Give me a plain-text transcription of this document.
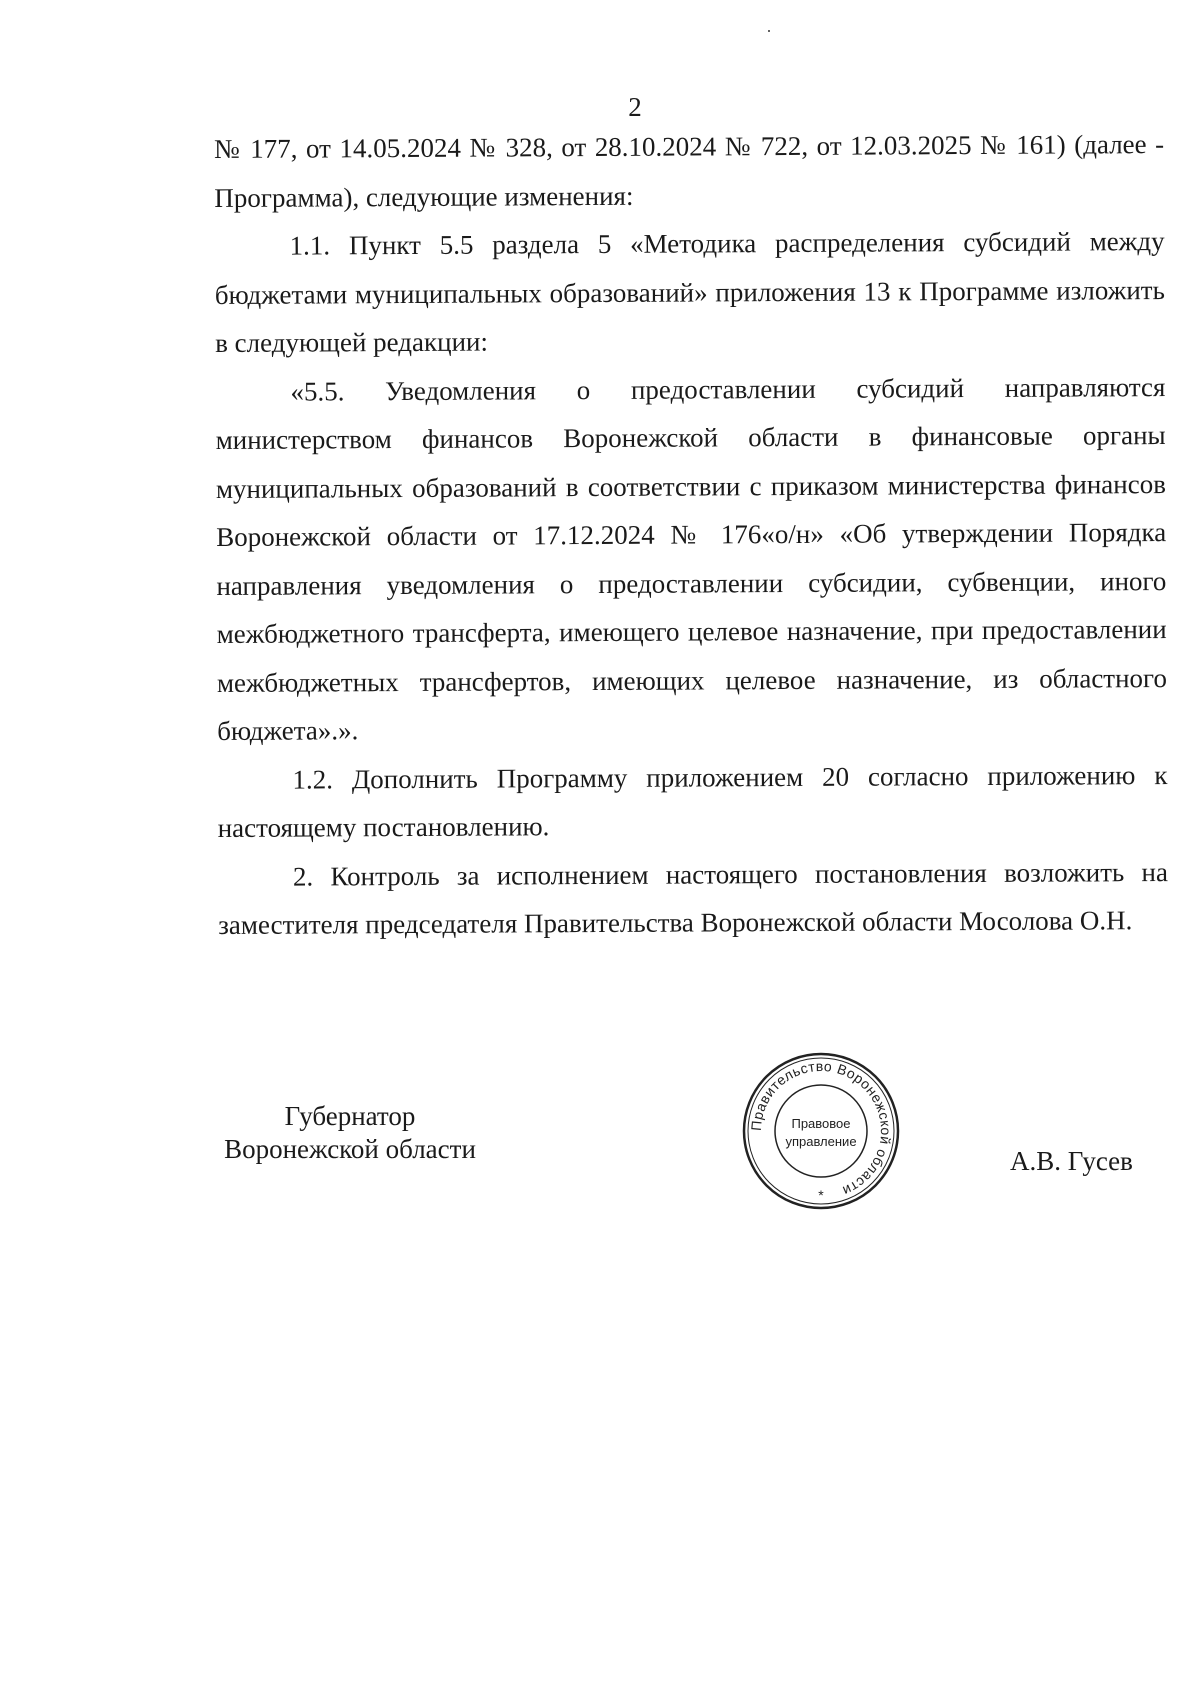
2

№ 177, от 14.05.2024 № 328, от 28.10.2024 № 722, от 12.03.2025 № 161) (далее - Программа), следующие изменения:

1.1. Пункт 5.5 раздела 5 «Методика распределения субсидий между бюджетами муниципальных образований» приложения 13 к Программе изложить в следующей редакции:

«5.5. Уведомления о предоставлении субсидий направляются министерством финансов Воронежской области в финансовые органы муниципальных образований в соответствии с приказом министерства финансов Воронежской области от 17.12.2024 № 176«о/н» «Об утверждении Порядка направления уведомления о предоставлении субсидии, субвенции, иного межбюджетного трансферта, имеющего целевое назначение, при предоставлении межбюджетных трансфертов, имеющих целевое назначение, из областного бюджета».».

1.2. Дополнить Программу приложением 20 согласно приложению к настоящему постановлению.

2. Контроль за исполнением настоящего постановления возложить на заместителя председателя Правительства Воронежской области Мосолова О.Н.

Губернатор
Воронежской области
Правительство Воронежской области
Правовое
управление
*
А.В. Гусев
